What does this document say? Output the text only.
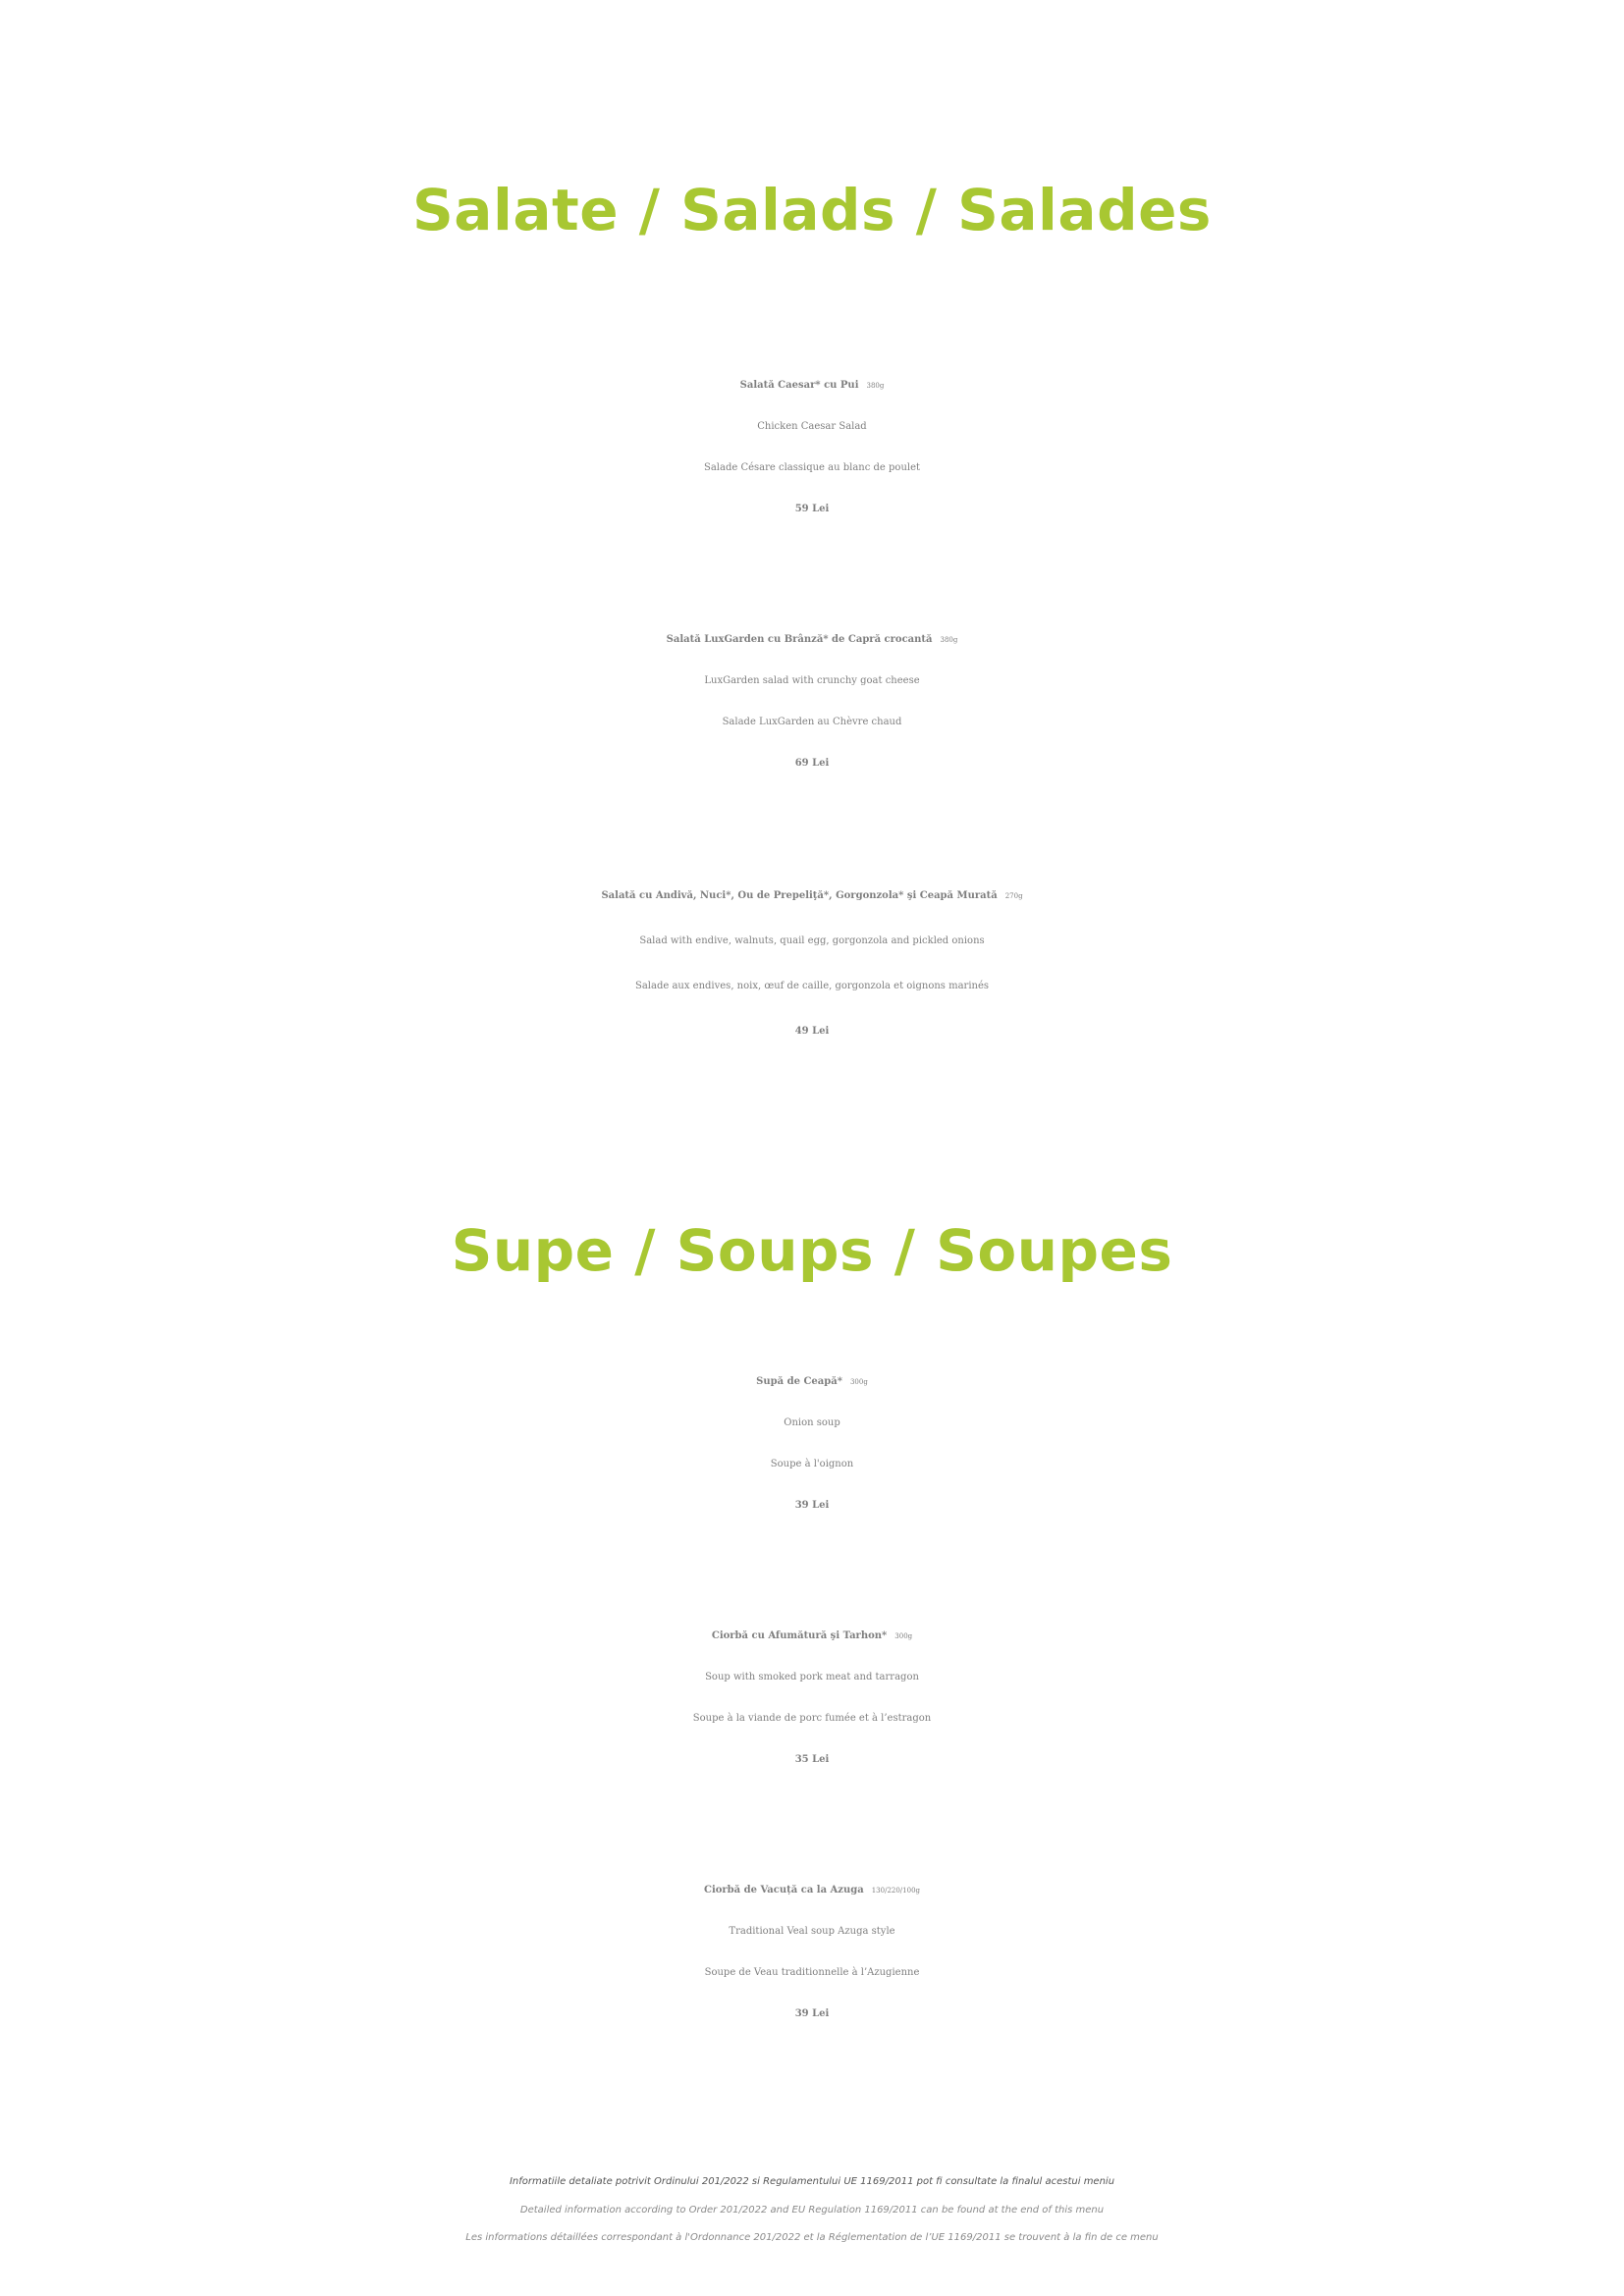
Salate / Salads / Salades
Salată Caesar* cu Pui 380g
Chicken Caesar Salad
Salade Césare classique au blanc de poulet
59 Lei
Salată LuxGarden cu Brânză* de Capră crocantă 380g
LuxGarden salad with crunchy goat cheese
Salade LuxGarden au Chèvre chaud
69 Lei
Salată cu Andivă, Nuci*, Ou de Prepeliţă*, Gorgonzola* şi Ceapă Murată 270g
Salad with endive, walnuts, quail egg, gorgonzola and pickled onions
Salade aux endives, noix, œuf de caille, gorgonzola et oignons marinés
49 Lei
Supe / Soups / Soupes
Supă de Ceapă* 300g
Onion soup
Soupe à l'oignon
39 Lei
Ciorbă cu Afumătură şi Tarhon* 300g
Soup with smoked pork meat and tarragon
Soupe à la viande de porc fumée et à l’estragon
35 Lei
Ciorbă de Vacuță ca la Azuga 130/220/100g
Traditional Veal soup Azuga style
Soupe de Veau traditionnelle à l’Azugienne
39 Lei
Informatiile detaliate potrivit Ordinului 201/2022 si Regulamentului UE 1169/2011 pot fi consultate la finalul acestui meniu
Detailed information according to Order 201/2022 and EU Regulation 1169/2011 can be found at the end of this menu
Les informations détaillées correspondant à l'Ordonnance 201/2022 et la Réglementation de l’UE 1169/2011 se trouvent à la fin de ce menu
